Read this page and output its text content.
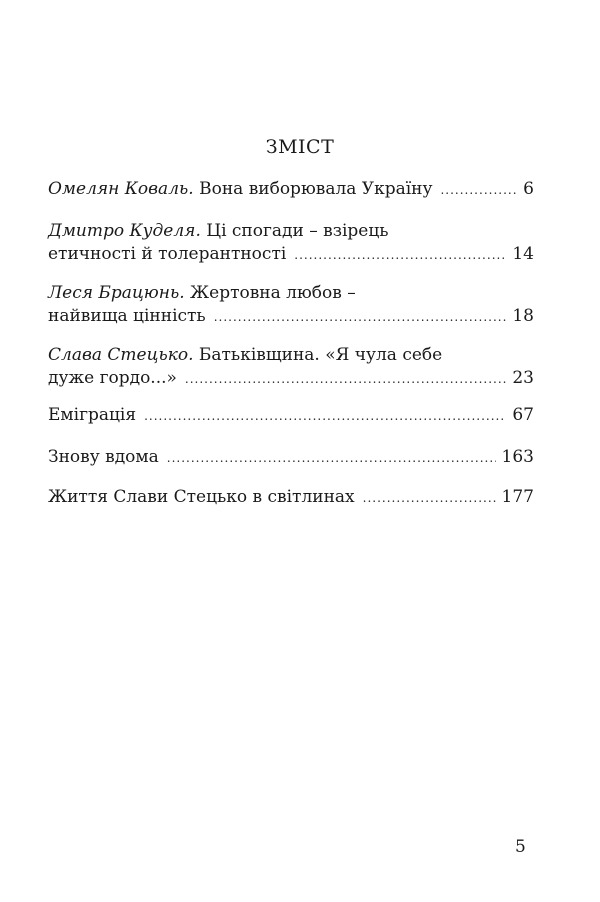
ЗМІСТ
Омелян Коваль. Вона виборювала Україну .....	6
Дмитро Куделя. Ці спогади – взірець
етичності й толерантності .....	14
Леся Брацюнь. Жертовна любов –
найвища цінність .....	18
Слава Стецько. Батьківщина. «Я чула себе
дуже гордо...» .....	23
Еміграція .....	67
Знову вдома .....	163
Життя Слави Стецько в світлинах .....	177
5
